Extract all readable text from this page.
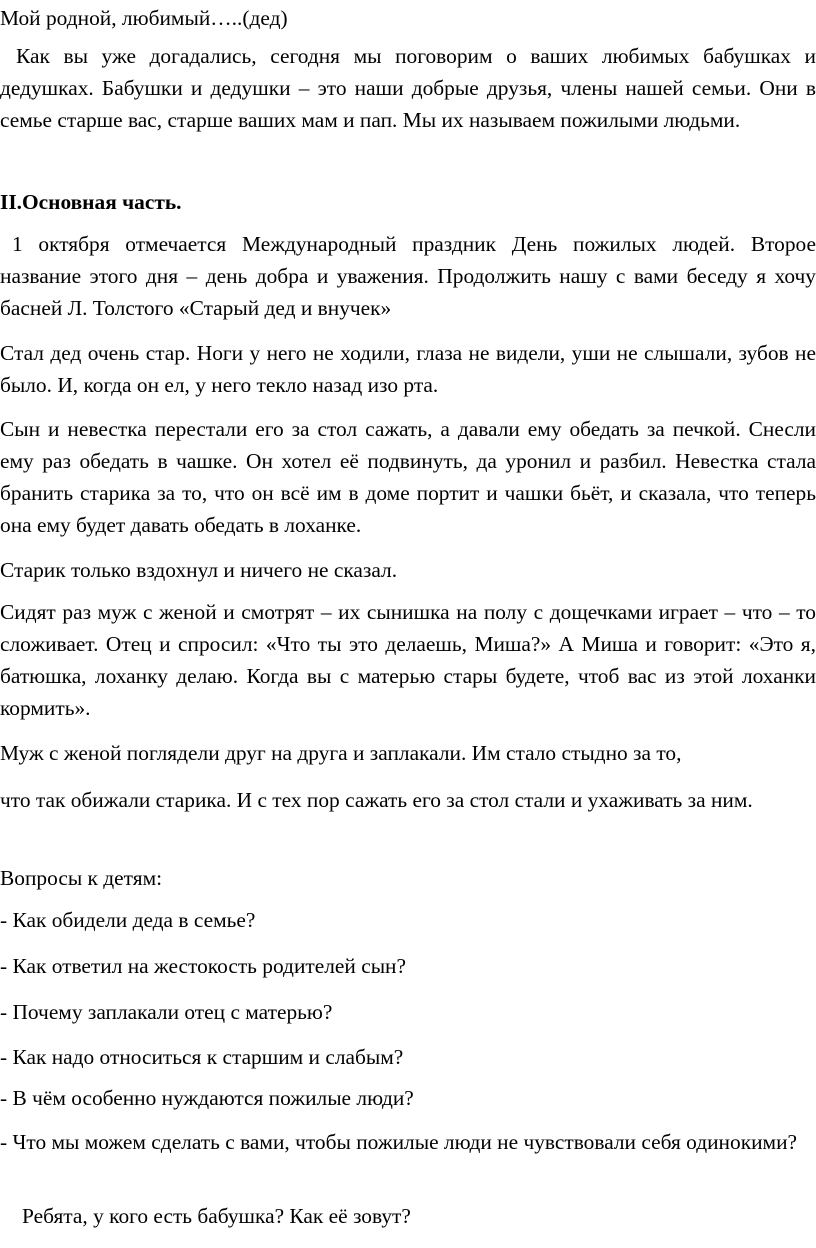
Мой родной, любимый…..(дед)

Как вы уже догадались, сегодня мы поговорим о ваших любимых бабушках и дедушках. Бабушки и дедушки – это наши добрые друзья, члены нашей семьи. Они в семье старше вас, старше ваших мам и пап. Мы их называем пожилыми людьми.

II.Основная часть.

1 октября отмечается Международный праздник День пожилых людей. Второе название этого дня – день добра и уважения. Продолжить нашу с вами беседу я хочу басней Л. Толстого «Старый дед и внучек»

Стал дед очень стар. Ноги у него не ходили, глаза не видели, уши не слышали, зубов не было. И, когда он ел, у него текло назад изо рта.

Сын и невестка перестали его за стол сажать, а давали ему обедать за печкой. Снесли ему раз обедать в чашке. Он хотел её подвинуть, да уронил и разбил. Невестка стала бранить старика за то, что он всё им в доме портит и чашки бьёт, и сказала, что теперь она ему будет давать обедать в лоханке.

Старик только вздохнул и ничего не сказал.

Сидят раз муж с женой и смотрят – их сынишка на полу с дощечками играет – что – то сложивает. Отец и спросил: «Что ты это делаешь, Миша?» А Миша и говорит: «Это я, батюшка, лоханку делаю. Когда вы с матерью стары будете, чтоб вас из этой лоханки кормить».

Муж с женой поглядели друг на друга и заплакали. Им стало стыдно за то,

что так обижали старика. И с тех пор сажать его за стол стали и ухаживать за ним.

Вопросы к детям:

- Как обидели деда в семье?

- Как ответил на жестокость родителей сын?

- Почему заплакали отец с матерью?

- Как надо относиться к старшим и слабым?

- В чём особенно нуждаются пожилые люди?

- Что мы можем сделать с вами, чтобы пожилые люди не чувствовали себя одинокими?

Ребята, у кого есть бабушка? Как её зовут?
